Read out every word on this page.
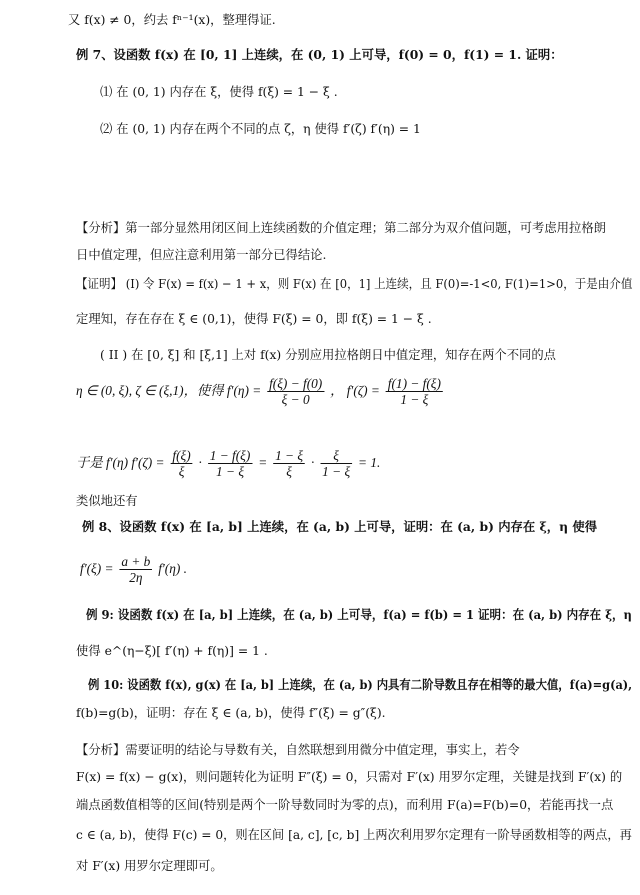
又 f(x) ≠ 0，约去 fⁿ⁻¹(x)，整理得证.
例 7、设函数 f(x) 在 [0, 1] 上连续，在 (0, 1) 上可导，f(0) = 0，f(1) = 1. 证明：
⑴ 在 (0, 1) 内存在 ξ，使得 f(ξ) = 1 − ξ .
⑵ 在 (0, 1) 内存在两个不同的点 ζ，η 使得 f′(ζ) f′(η) = 1
【分析】第一部分显然用闭区间上连续函数的介值定理；第二部分为双介值问题，可考虑用拉格朗
日中值定理，但应注意利用第一部分已得结论.
【证明】 (I) 令 F(x) = f(x) − 1 + x，则 F(x) 在 [0，1] 上连续，且 F(0)=-1<0, F(1)=1>0，于是由介值
定理知，存在存在 ξ ∈ (0,1)，使得 F(ξ) = 0，即 f(ξ) = 1 − ξ .
( II ) 在 [0, ξ] 和 [ξ,1] 上对 f(x) 分别应用拉格朗日中值定理，知存在两个不同的点
η ∈ (0, ξ), ζ ∈ (ξ,1)，使得 $f'(\eta) = \frac{f(\xi) - f(0)}{\xi - 0}$ ， $f'(\zeta) = \frac{f(1) - f(\xi)}{1 - \xi}$
于是 f′(η) $f'(\zeta) = \frac{f(\xi)}{\xi} \cdot \frac{1 - f(\xi)}{1 - \xi} = \frac{1 - \xi}{\xi} \cdot \frac{\xi}{1 - \xi} = 1$.
类似地还有
例 8、设函数 f(x) 在 [a, b] 上连续，在 (a, b) 上可导，证明：在 (a, b) 内存在 ξ，η 使得
$f'(\xi) = \frac{a + b}{2\eta} f'(\eta)$ .
例 9: 设函数 f(x) 在 [a, b] 上连续，在 (a, b) 上可导，f(a) = f(b) = 1 证明：在 (a, b) 内存在 ξ，η
使得 e^(η−ξ)[ f′(η) + f(η)] = 1 .
例 10: 设函数 f(x), g(x) 在 [a, b] 上连续，在 (a, b) 内具有二阶导数且存在相等的最大值，f(a)=g(a),
f(b)=g(b)，证明：存在 ξ ∈ (a, b)，使得 f″(ξ) = g″(ξ).
【分析】需要证明的结论与导数有关，自然联想到用微分中值定理，事实上，若令
F(x) = f(x) − g(x)，则问题转化为证明 F″(ξ) = 0，只需对 F′(x) 用罗尔定理，关键是找到 F′(x) 的
端点函数值相等的区间(特别是两个一阶导数同时为零的点)，而利用 F(a)=F(b)=0，若能再找一点
c ∈ (a, b)，使得 F(c) = 0，则在区间 [a, c], [c, b] 上两次利用罗尔定理有一阶导函数相等的两点，再
对 F′(x) 用罗尔定理即可。
